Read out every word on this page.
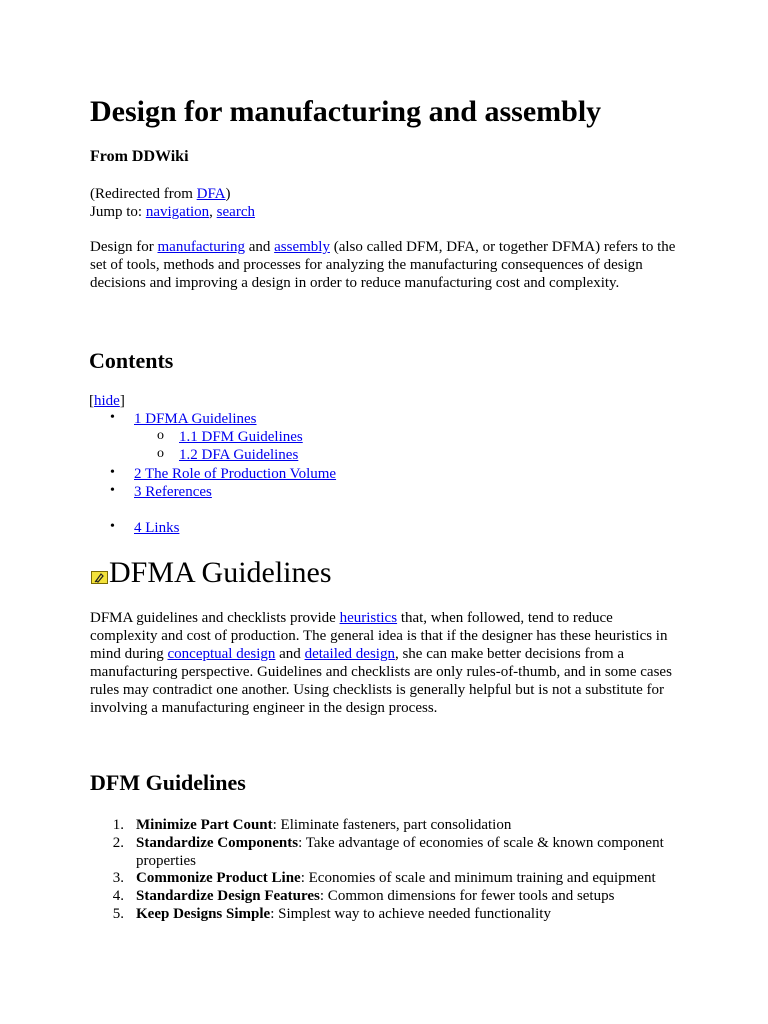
Design for manufacturing and assembly
From DDWiki
(Redirected from DFA)
Jump to: navigation, search

Design for manufacturing and assembly (also called DFM, DFA, or together DFMA) refers to the set of tools, methods and processes for analyzing the manufacturing consequences of design decisions and improving a design in order to reduce manufacturing cost and complexity.

Contents
[hide]
• 1 DFMA Guidelines
o 1.1 DFM Guidelines
o 1.2 DFA Guidelines
• 2 The Role of Production Volume
• 3 References
• 4 Links
DFMA Guidelines

DFMA guidelines and checklists provide heuristics that, when followed, tend to reduce complexity and cost of production. The general idea is that if the designer has these heuristics in mind during conceptual design and detailed design, she can make better decisions from a manufacturing perspective. Guidelines and checklists are only rules-of-thumb, and in some cases rules may contradict one another. Using checklists is generally helpful but is not a substitute for involving a manufacturing engineer in the design process.

DFM Guidelines
1. Minimize Part Count: Eliminate fasteners, part consolidation
2. Standardize Components: Take advantage of economies of scale & known component properties
3. Commonize Product Line: Economies of scale and minimum training and equipment
4. Standardize Design Features: Common dimensions for fewer tools and setups
5. Keep Designs Simple: Simplest way to achieve needed functionality
